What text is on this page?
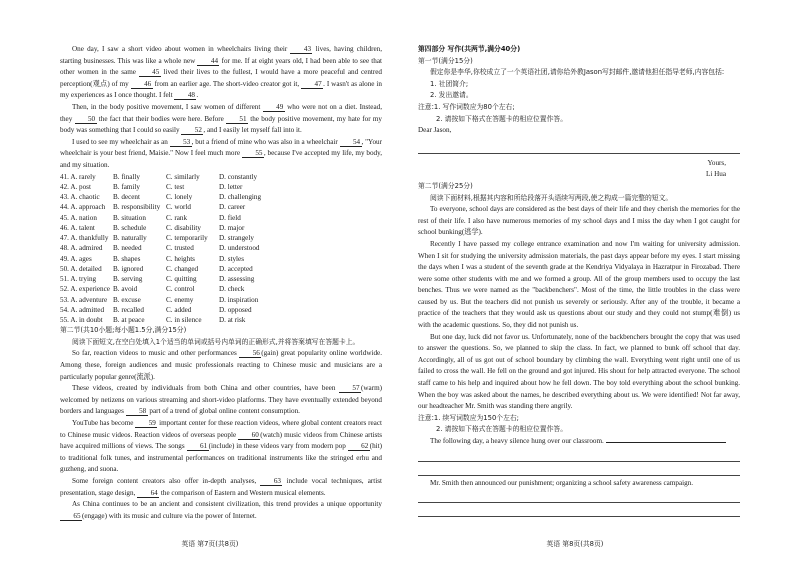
One day, I saw a short video about women in wheelchairs living their 43 lives, having children, starting businesses. This was like a whole new 44 for me. If at eight years old, I had been able to see that other women in the same 45 lived their lives to the fullest, I would have a more peaceful and centred perception(观点) of my 46 from an earlier age. The short-video creator got it, 47. I wasn't as alone in my experiences as I once thought. I felt 48.

Then, in the body positive movement, I saw women of different 49 who were not on a diet. Instead, they 50 the fact that their bodies were here. Before 51 the body positive movement, my hate for my body was something that I could so easily 52, and I easily let myself fall into it.

I used to see my wheelchair as an 53, but a friend of mine who was also in a wheelchair 54, "Your wheelchair is your best friend, Maisie." Now I feel much more 55, because I've accepted my life, my body, and my situation.

41. A. rarely	B. finally	C. similarly	D. constantly
42. A. post	B. family	C. test	D. letter
43. A. chaotic	B. decent	C. lonely	D. challenging
44. A. approach	B. responsibility C. world	D. career
45. A. nation	B. situation	C. rank	D. field
46. A. talent	B. schedule	C. disability	D. major
47. A. thankfully B. naturally	C. temporarily	D. strangely
48. A. admired	B. needed	C. trusted	D. understood
49. A. ages	B. shapes	C. heights	D. styles
50. A. detailed	B. ignored	C. changed	D. accepted
51. A. trying	B. serving	C. quitting	D. assessing
52. A. experience B. avoid	C. control	D. check
53. A. adventure B. excuse	C. enemy	D. inspiration
54. A. admitted	B. recalled	C. added	D. opposed
55. A. in doubt	B. at peace	C. in silence	D. at risk

第二节(共10小题;每小题1.5分,满分15分)

阅读下面短文,在空白处填入1个适当的单词或括号内单词的正确形式,并将答案填写在答题卡上。

So far, reaction videos to music and other performances 56(gain) great popularity online worldwide. Among these, foreign audiences and music professionals reacting to Chinese music and musicians are a particularly popular genre(流派).

These videos, created by individuals from both China and other countries, have been 57(warm) welcomed by netizens on various streaming and short-video platforms. They have eventually extended beyond borders and languages 58 part of a trend of global online content consumption.

YouTube has become 59 important center for these reaction videos, where global content creators react to Chinese music videos. Reaction videos of overseas people 60(watch) music videos from Chinese artists have acquired millions of views. The songs 61(include) in these videos vary from modern pop 62(hit) to traditional folk tunes, and instrumental performances on traditional instruments like the stringed erhu and guzheng, and suona.

Some foreign content creators also offer in-depth analyses, 63 include vocal techniques, artist presentation, stage design, 64 the comparison of Eastern and Western musical elements.

As China continues to be an ancient and consistent civilization, this trend provides a unique opportunity 65(engage) with its music and culture via the power of Internet.

英语 第7页(共8页)

第四部分 写作(共两节,满分40分)

第一节(满分15分)

假定你是李华,你校成立了一个英语社团,请你给外教Jason写封邮件,邀请他担任指导老师,内容包括:

1. 社团简介;

2. 发出邀请。

注意:1. 写作词数应为80个左右;

2. 请按如下格式在答题卡的相应位置作答。

Dear Jason,

Yours,

Li Hua

第二节(满分25分)

阅读下面材料,根据其内容和所给段落开头语续写两段,使之构成一篇完整的短文。

To everyone, school days are considered as the best days of their life and they cherish the memories for the rest of their life. I also have numerous memories of my school days and I miss the day when I got caught for school bunking(逃学).

Recently I have passed my college entrance examination and now I'm waiting for university admission. When I sit for studying the university admission materials, the past days appear before my eyes. I start missing the days when I was a student of the seventh grade at the Kendriya Vidyalaya in Hazratpur in Firozabad. There were some other students with me and we formed a group. All of the group members used to occupy the last benches. Thus we were named as the "backbenchers". Most of the time, the little troubles in the class were caused by us. But the teachers did not punish us severely or seriously. After any of the trouble, it became a practice of the teachers that they would ask us questions about our study and they could not stump(难倒) us with the academic questions. So, they did not punish us.

But one day, luck did not favor us. Unfortunately, none of the backbenchers brought the copy that was used to answer the questions. So, we planned to skip the class. In fact, we planned to bunk off school that day. Accordingly, all of us got out of school boundary by climbing the wall. Everything went right until one of us failed to cross the wall. He fell on the ground and got injured. His shout for help attracted everyone. The school staff came to his help and inquired about how he fell down. The boy told everything about the school bunking. When the boy was asked about the names, he described everything about us. We were identified! Not far away, our headteacher Mr. Smith was standing there angrily.

注意:1. 续写词数应为150个左右;

2. 请按如下格式在答题卡的相应位置作答。

The following day, a heavy silence hung over our classroom.

Mr. Smith then announced our punishment; organizing a school safety awareness campaign.

英语 第8页(共8页)
